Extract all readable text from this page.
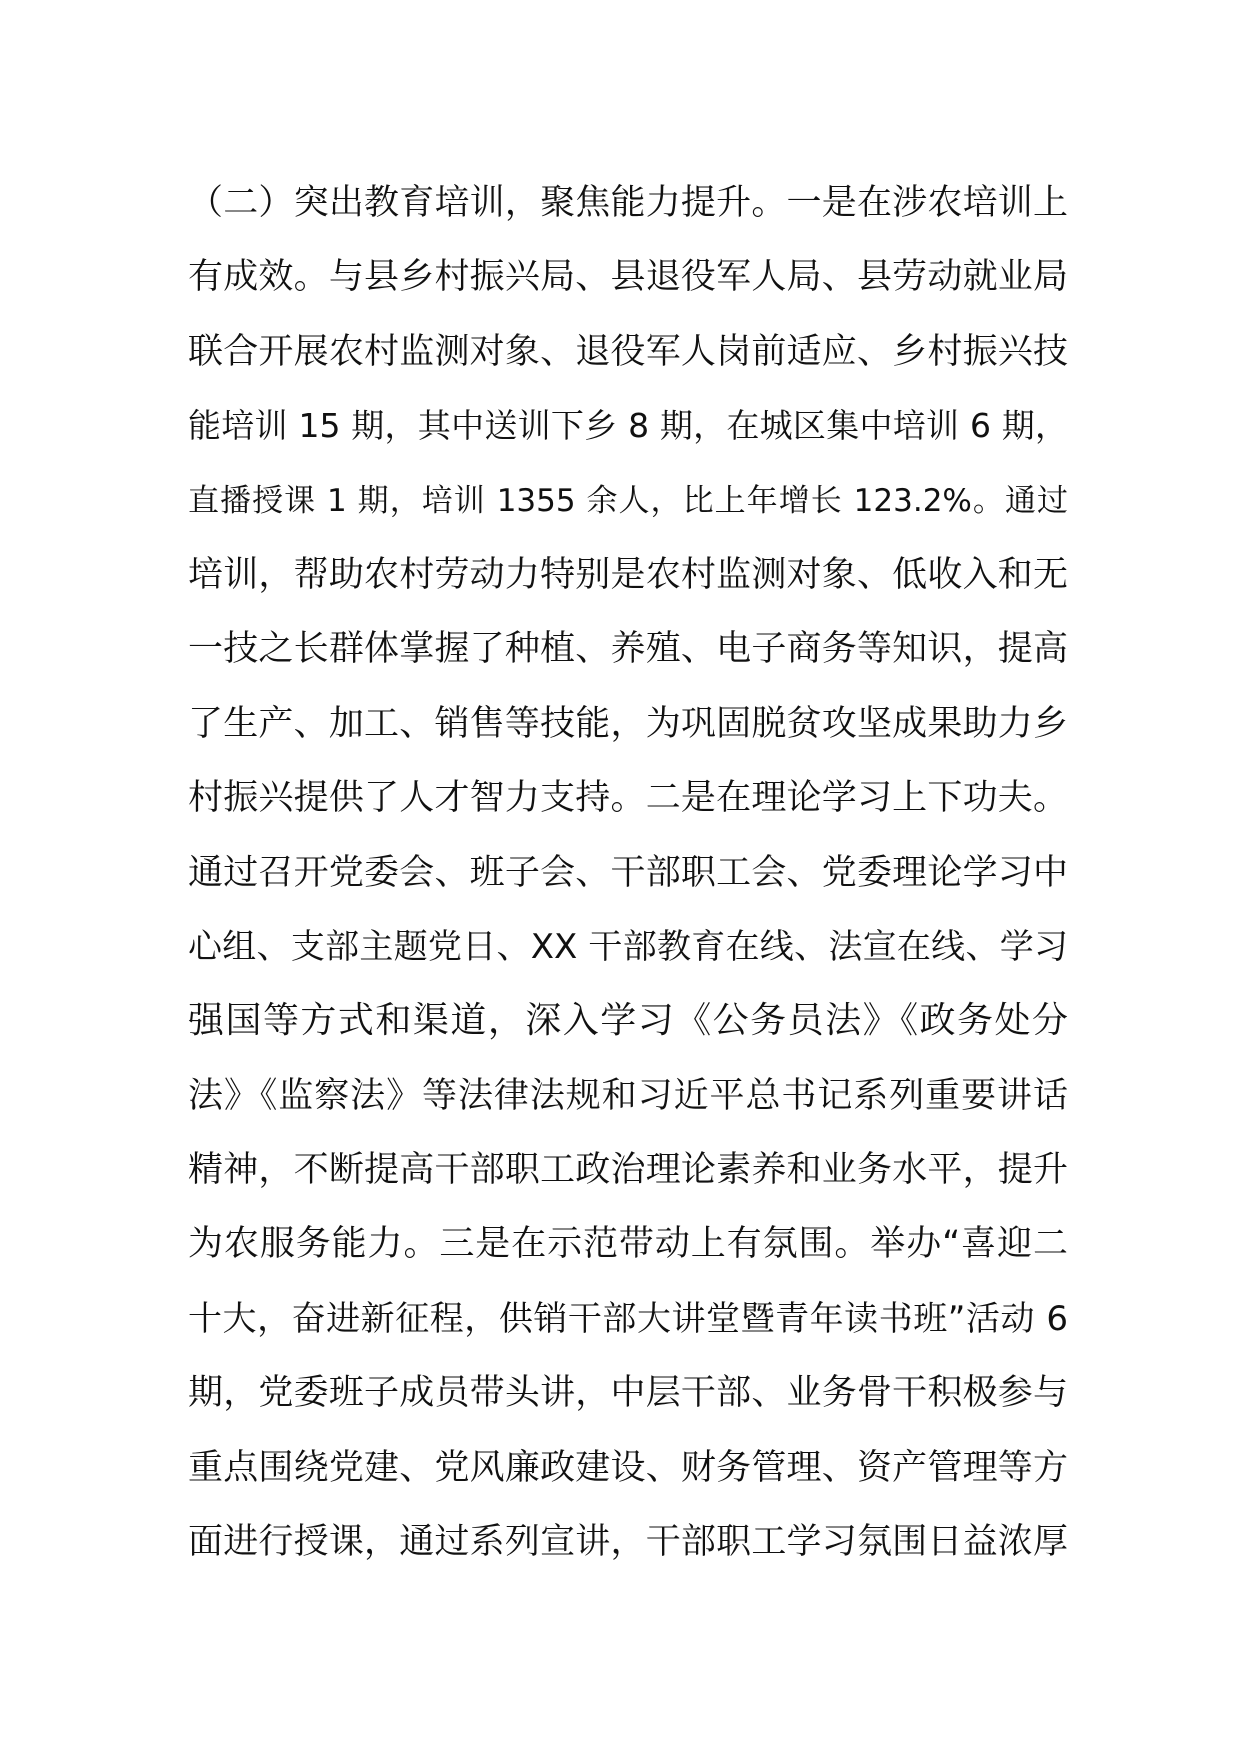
（二）突出教育培训，聚焦能力提升。一是在涉农培训上
有成效。与县乡村振兴局、县退役军人局、县劳动就业局
联合开展农村监测对象、退役军人岗前适应、乡村振兴技
能培训 15 期，其中送训下乡 8 期，在城区集中培训 6 期，
直播授课 1 期，培训 1355 余人，比上年增长 123.2%。通过
培训，帮助农村劳动力特别是农村监测对象、低收入和无
一技之长群体掌握了种植、养殖、电子商务等知识，提高
了生产、加工、销售等技能，为巩固脱贫攻坚成果助力乡
村振兴提供了人才智力支持。二是在理论学习上下功夫。
通过召开党委会、班子会、干部职工会、党委理论学习中
心组、支部主题党日、XX 干部教育在线、法宣在线、学习
强国等方式和渠道，深入学习《公务员法》《政务处分
法》《监察法》等法律法规和习近平总书记系列重要讲话
精神，不断提高干部职工政治理论素养和业务水平，提升
为农服务能力。三是在示范带动上有氛围。举办“喜迎二
十大，奋进新征程，供销干部大讲堂暨青年读书班”活动 6
期，党委班子成员带头讲，中层干部、业务骨干积极参与
重点围绕党建、党风廉政建设、财务管理、资产管理等方
面进行授课，通过系列宣讲，干部职工学习氛围日益浓厚
